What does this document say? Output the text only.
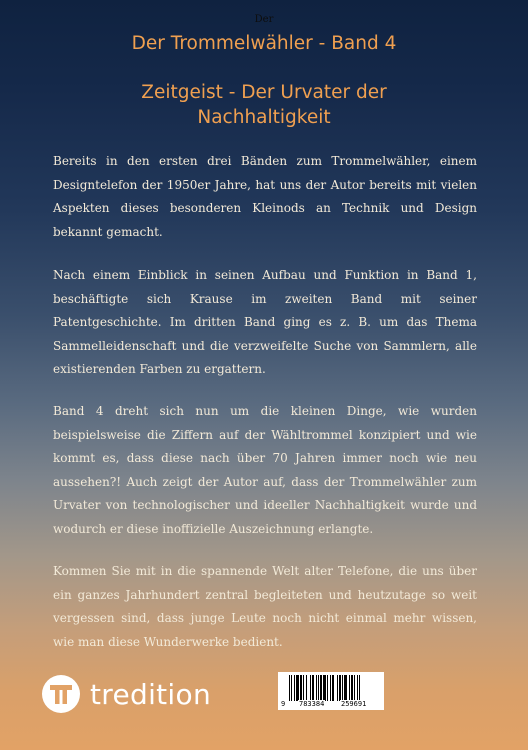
Der
Der Trommelwähler - Band 4
Zeitgeist - Der Urvater der
Nachhaltigkeit

Bereits in den ersten drei Bänden zum Trommelwähler, einem Designtelefon der 1950er Jahre, hat uns der Autor bereits mit vielen Aspekten dieses besonderen Kleinods an Technik und Design bekannt gemacht.

Nach einem Einblick in seinen Aufbau und Funktion in Band 1, beschäftigte sich Krause im zweiten Band mit seiner Patentgeschichte. Im dritten Band ging es z. B. um das Thema Sammelleidenschaft und die verzweifelte Suche von Sammlern, alle existierenden Farben zu ergattern.

Band 4 dreht sich nun um die kleinen Dinge, wie wurden beispielsweise die Ziffern auf der Wähltrommel konzipiert und wie kommt es, dass diese nach über 70 Jahren immer noch wie neu aussehen?! Auch zeigt der Autor auf, dass der Trommelwähler zum Urvater von technologischer und ideeller Nachhaltigkeit wurde und wodurch er diese inoffizielle Auszeichnung erlangte.

Kommen Sie mit in die spannende Welt alter Telefone, die uns über ein ganzes Jahrhundert zentral begleiteten und heutzutage so weit vergessen sind, dass junge Leute noch nicht einmal mehr wissen, wie man diese Wunderwerke bedient.

tredition	9 783384 259691
